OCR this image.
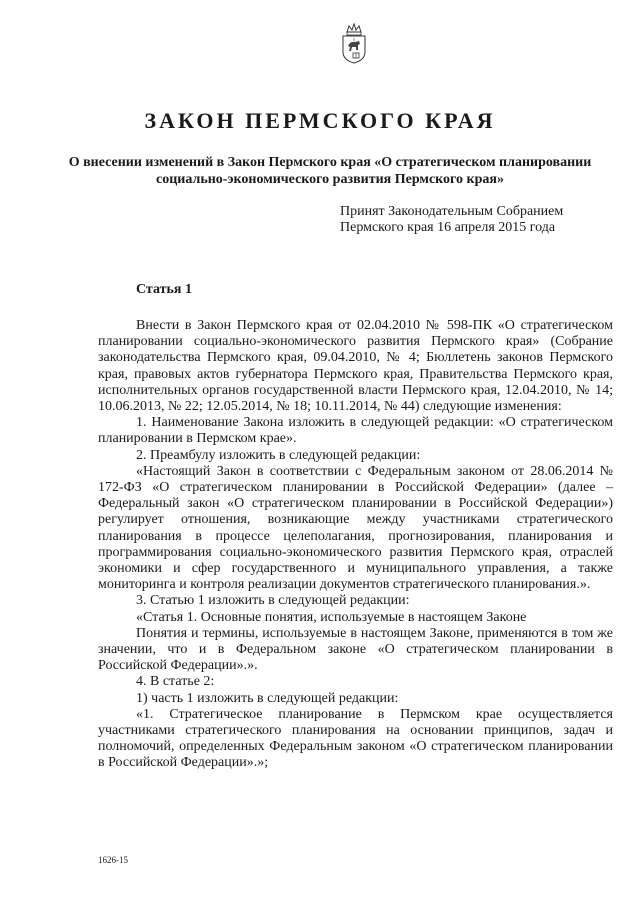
ЗАКОН ПЕРМСКОГО КРАЯ

О внесении изменений в Закон Пермского края «О стратегическом планировании социально-экономического развития Пермского края»

Принят Законодательным Собранием
Пермского края 16 апреля 2015 года
Статья 1

Внести в Закон Пермского края от 02.04.2010 № 598-ПК «О стратегическом планировании социально-экономического развития Пермского края» (Собрание законодательства Пермского края, 09.04.2010, № 4; Бюллетень законов Пермского края, правовых актов губернатора Пермского края, Правительства Пермского края, исполнительных органов государственной власти Пермского края, 12.04.2010, № 14; 10.06.2013, № 22; 12.05.2014, № 18; 10.11.2014, № 44) следующие изменения:

1. Наименование Закона изложить в следующей редакции: «О стратегическом планировании в Пермском крае».

2. Преамбулу изложить в следующей редакции:

«Настоящий Закон в соответствии с Федеральным законом от 28.06.2014 № 172-ФЗ «О стратегическом планировании в Российской Федерации» (далее – Федеральный закон «О стратегическом планировании в Российской Федерации») регулирует отношения, возникающие между участниками стратегического планирования в процессе целеполагания, прогнозирования, планирования и программирования социально-экономического развития Пермского края, отраслей экономики и сфер государственного и муниципального управления, а также мониторинга и контроля реализации документов стратегического планирования.».

3. Статью 1 изложить в следующей редакции:

«Статья 1. Основные понятия, используемые в настоящем Законе

Понятия и термины, используемые в настоящем Законе, применяются в том же значении, что и в Федеральном законе «О стратегическом планировании в Российской Федерации».».

4. В статье 2:

1) часть 1 изложить в следующей редакции:

«1. Стратегическое планирование в Пермском крае осуществляется участниками стратегического планирования на основании принципов, задач и полномочий, определенных Федеральным законом «О стратегическом планировании в Российской Федерации».»;

1626-15
